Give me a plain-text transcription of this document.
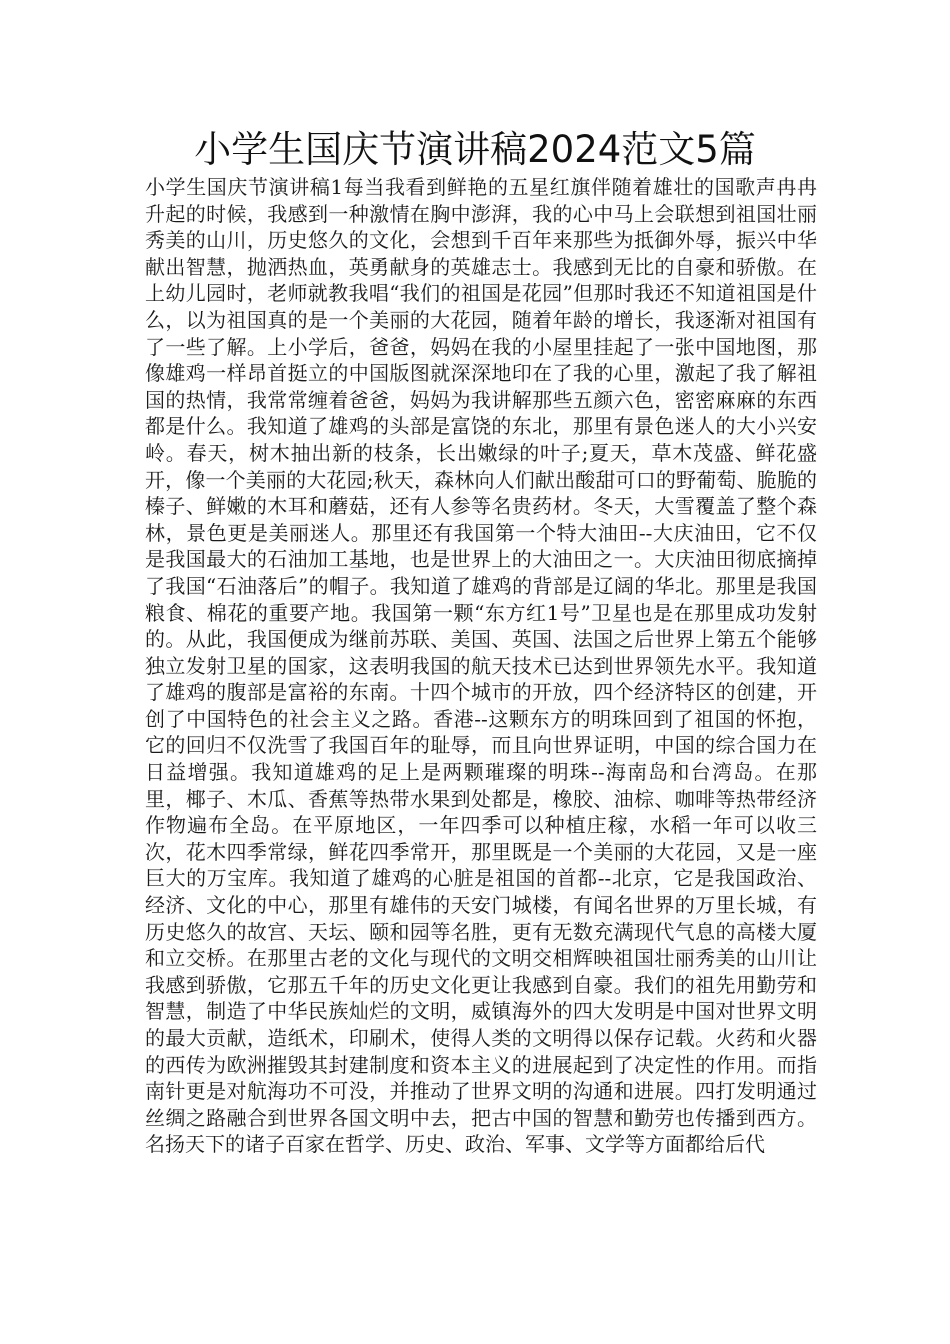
小学生国庆节演讲稿2024范文5篇

小学生国庆节演讲稿1每当我看到鲜艳的五星红旗伴随着雄壮的国歌声冉冉升起的时候，我感到一种激情在胸中澎湃，我的心中马上会联想到祖国壮丽秀美的山川，历史悠久的文化，会想到千百年来那些为抵御外辱，振兴中华献出智慧，抛洒热血，英勇献身的英雄志士。我感到无比的自豪和骄傲。在上幼儿园时，老师就教我唱“我们的祖国是花园”但那时我还不知道祖国是什么，以为祖国真的是一个美丽的大花园，随着年龄的增长，我逐渐对祖国有了一些了解。上小学后，爸爸，妈妈在我的小屋里挂起了一张中国地图，那像雄鸡一样昂首挺立的中国版图就深深地印在了我的心里，激起了我了解祖国的热情，我常常缠着爸爸，妈妈为我讲解那些五颜六色，密密麻麻的东西都是什么。我知道了雄鸡的头部是富饶的东北，那里有景色迷人的大小兴安岭。春天，树木抽出新的枝条，长出嫩绿的叶子;夏天，草木茂盛、鲜花盛开，像一个美丽的大花园;秋天，森林向人们献出酸甜可口的野葡萄、脆脆的榛子、鲜嫩的木耳和蘑菇，还有人参等名贵药材。冬天，大雪覆盖了整个森林，景色更是美丽迷人。那里还有我国第一个特大油田--大庆油田，它不仅是我国最大的石油加工基地，也是世界上的大油田之一。大庆油田彻底摘掉了我国“石油落后”的帽子。我知道了雄鸡的背部是辽阔的华北。那里是我国粮食、棉花的重要产地。我国第一颗“东方红1号”卫星也是在那里成功发射的。从此，我国便成为继前苏联、美国、英国、法国之后世界上第五个能够独立发射卫星的国家，这表明我国的航天技术已达到世界领先水平。我知道了雄鸡的腹部是富裕的东南。十四个城市的开放，四个经济特区的创建，开创了中国特色的社会主义之路。香港--这颗东方的明珠回到了祖国的怀抱，它的回归不仅洗雪了我国百年的耻辱，而且向世界证明，中国的综合国力在日益增强。我知道雄鸡的足上是两颗璀璨的明珠--海南岛和台湾岛。在那里，椰子、木瓜、香蕉等热带水果到处都是，橡胶、油棕、咖啡等热带经济作物遍布全岛。在平原地区，一年四季可以种植庄稼，水稻一年可以收三次，花木四季常绿，鲜花四季常开，那里既是一个美丽的大花园，又是一座巨大的万宝库。我知道了雄鸡的心脏是祖国的首都--北京，它是我国政治、经济、文化的中心，那里有雄伟的天安门城楼，有闻名世界的万里长城，有历史悠久的故宫、天坛、颐和园等名胜，更有无数充满现代气息的高楼大厦和立交桥。在那里古老的文化与现代的文明交相辉映祖国壮丽秀美的山川让我感到骄傲，它那五千年的历史文化更让我感到自豪。我们的祖先用勤劳和智慧，制造了中华民族灿烂的文明，威镇海外的四大发明是中国对世界文明的最大贡献，造纸术，印刷术，使得人类的文明得以保存记载。火药和火器的西传为欧洲摧毁其封建制度和资本主义的进展起到了决定性的作用。而指南针更是对航海功不可没，并推动了世界文明的沟通和进展。四打发明通过丝绸之路融合到世界各国文明中去，把古中国的智慧和勤劳也传播到西方。名扬天下的诸子百家在哲学、历史、政治、军事、文学等方面都给后代
